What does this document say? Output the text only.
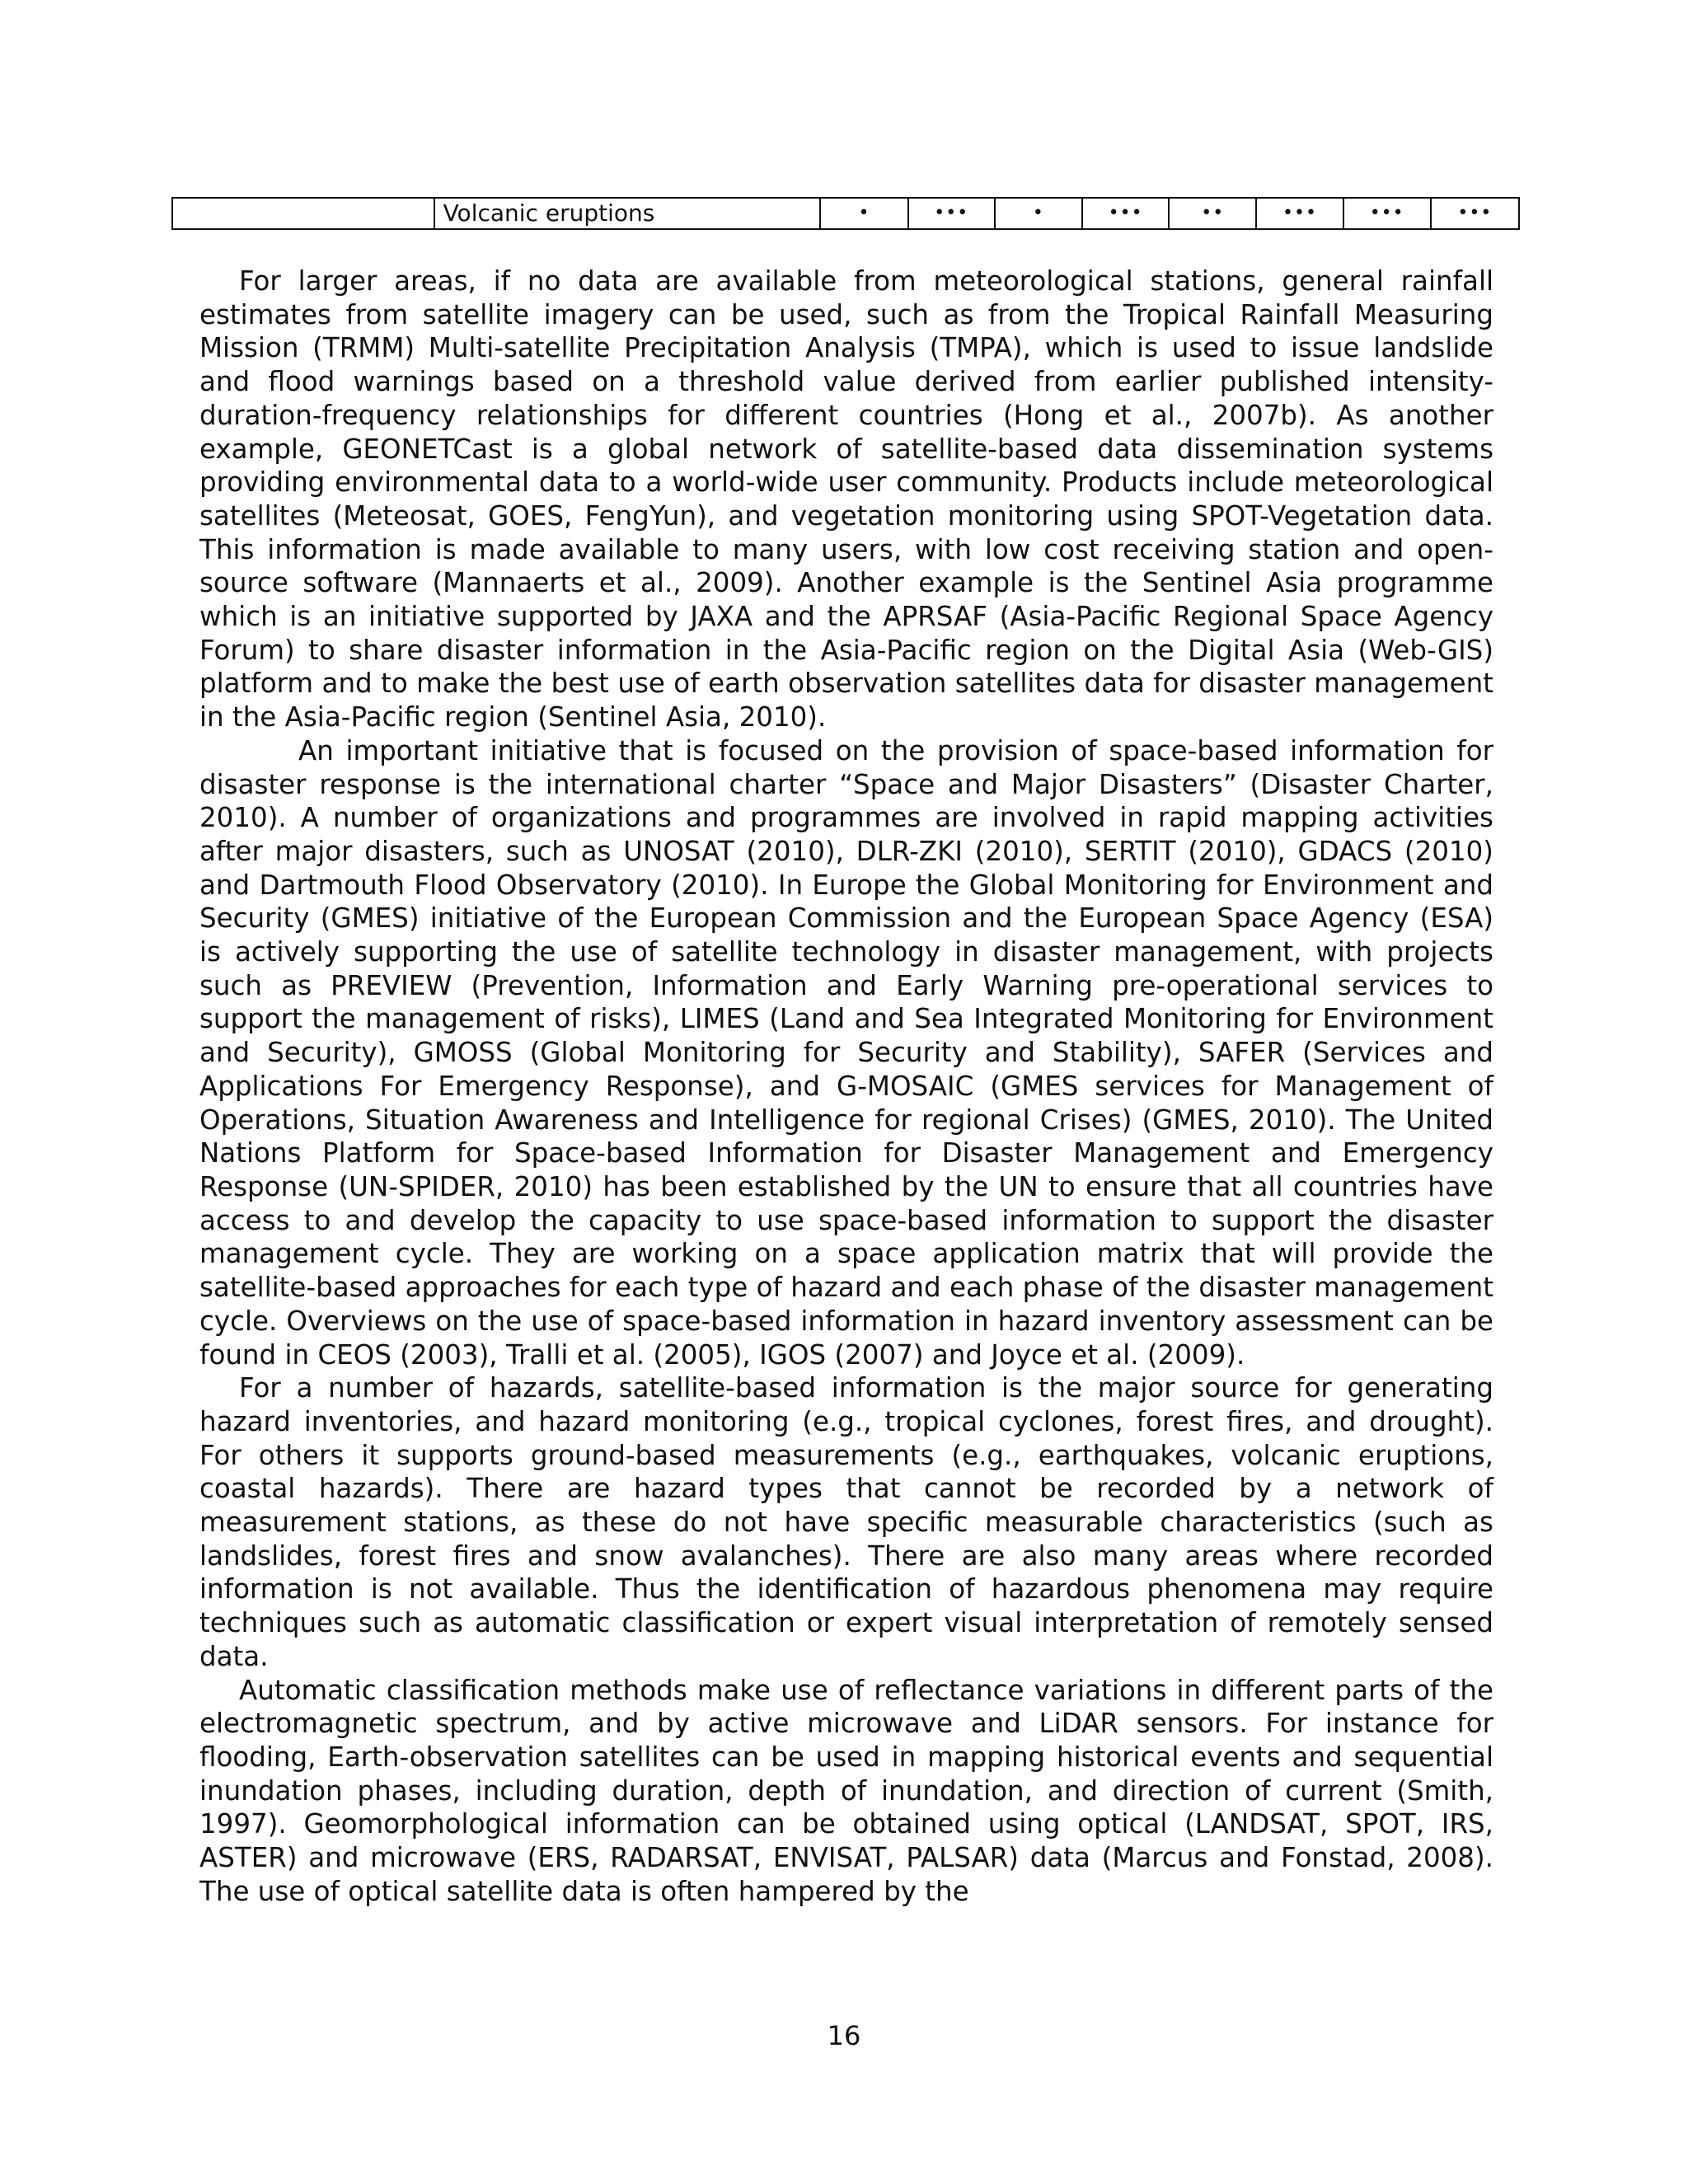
	Volcanic eruptions	•	•••	•	•••	••	•••	•••	•••

For larger areas, if no data are available from meteorological stations, general rainfall estimates from satellite imagery can be used, such as from the Tropical Rainfall Measuring Mission (TRMM) Multi-satellite Precipitation Analysis (TMPA), which is used to issue landslide and flood warnings based on a threshold value derived from earlier published intensity-duration-frequency relationships for different countries (Hong et al., 2007b). As another example, GEONETCast is a global network of satellite-based data dissemination systems providing environmental data to a world-wide user community. Products include meteorological satellites (Meteosat, GOES, FengYun), and vegetation monitoring using SPOT-Vegetation data. This information is made available to many users, with low cost receiving station and open-source software (Mannaerts et al., 2009). Another example is the Sentinel Asia programme which is an initiative supported by JAXA and the APRSAF (Asia-Pacific Regional Space Agency Forum) to share disaster information in the Asia-Pacific region on the Digital Asia (Web-GIS) platform and to make the best use of earth observation satellites data for disaster management in the Asia-Pacific region (Sentinel Asia, 2010).

An important initiative that is focused on the provision of space-based information for disaster response is the international charter “Space and Major Disasters” (Disaster Charter, 2010). A number of organizations and programmes are involved in rapid mapping activities after major disasters, such as UNOSAT (2010), DLR-ZKI (2010), SERTIT (2010), GDACS (2010) and Dartmouth Flood Observatory (2010). In Europe the Global Monitoring for Environment and Security (GMES) initiative of the European Commission and the European Space Agency (ESA) is actively supporting the use of satellite technology in disaster management, with projects such as PREVIEW (Prevention, Information and Early Warning pre-operational services to support the management of risks), LIMES (Land and Sea Integrated Monitoring for Environment and Security), GMOSS (Global Monitoring for Security and Stability), SAFER (Services and Applications For Emergency Response), and G-MOSAIC (GMES services for Management of Operations, Situation Awareness and Intelligence for regional Crises) (GMES, 2010). The United Nations Platform for Space-based Information for Disaster Management and Emergency Response (UN-SPIDER, 2010) has been established by the UN to ensure that all countries have access to and develop the capacity to use space-based information to support the disaster management cycle. They are working on a space application matrix that will provide the satellite-based approaches for each type of hazard and each phase of the disaster management cycle. Overviews on the use of space-based information in hazard inventory assessment can be found in CEOS (2003), Tralli et al. (2005), IGOS (2007) and Joyce et al. (2009).

For a number of hazards, satellite-based information is the major source for generating hazard inventories, and hazard monitoring (e.g., tropical cyclones, forest fires, and drought). For others it supports ground-based measurements (e.g., earthquakes, volcanic eruptions, coastal hazards). There are hazard types that cannot be recorded by a network of measurement stations, as these do not have specific measurable characteristics (such as landslides, forest fires and snow avalanches). There are also many areas where recorded information is not available. Thus the identification of hazardous phenomena may require techniques such as automatic classification or expert visual interpretation of remotely sensed data.

Automatic classification methods make use of reflectance variations in different parts of the electromagnetic spectrum, and by active microwave and LiDAR sensors. For instance for flooding, Earth-observation satellites can be used in mapping historical events and sequential inundation phases, including duration, depth of inundation, and direction of current (Smith, 1997). Geomorphological information can be obtained using optical (LANDSAT, SPOT, IRS, ASTER) and microwave (ERS, RADARSAT, ENVISAT, PALSAR) data (Marcus and Fonstad, 2008). The use of optical satellite data is often hampered by the

16
